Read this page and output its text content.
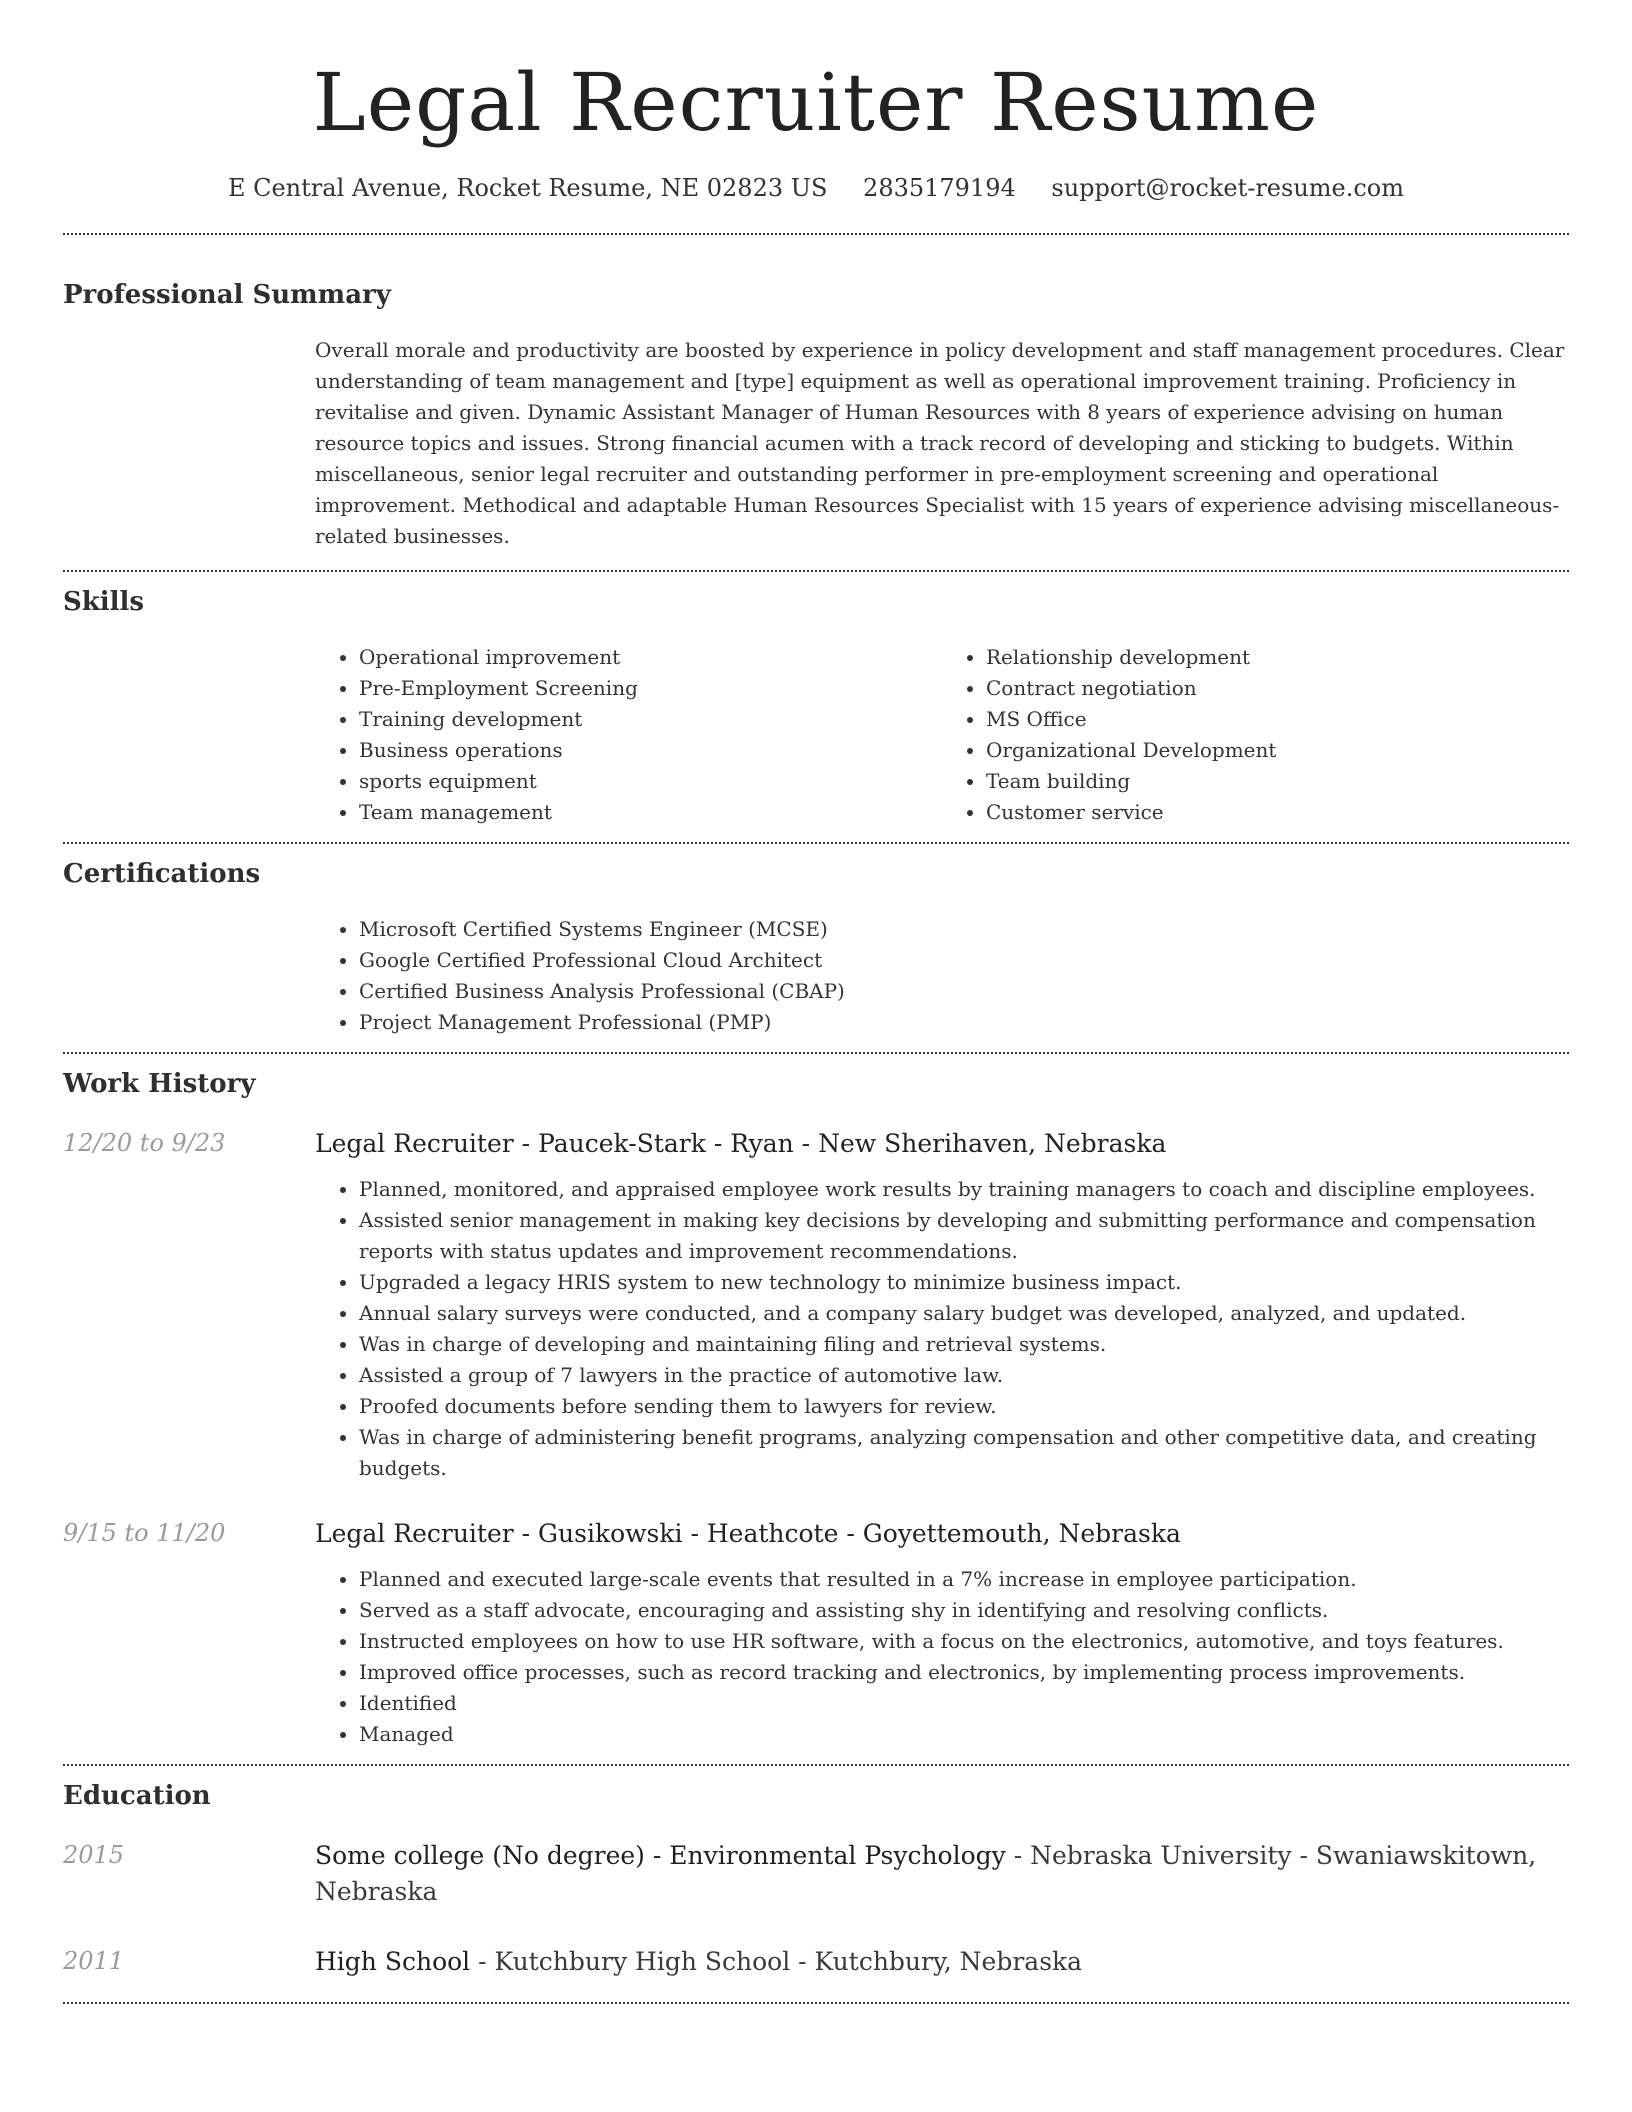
Legal Recruiter Resume
E Central Avenue, Rocket Resume, NE 02823 US 2835179194 support@rocket-resume.com
Professional Summary

Overall morale and productivity are boosted by experience in policy development and staff management procedures. Clear understanding of team management and [type] equipment as well as operational improvement training. Proficiency in revitalise and given. Dynamic Assistant Manager of Human Resources with 8 years of experience advising on human resource topics and issues. Strong financial acumen with a track record of developing and sticking to budgets. Within miscellaneous, senior legal recruiter and outstanding performer in pre-employment screening and operational improvement. Methodical and adaptable Human Resources Specialist with 15 years of experience advising miscellaneous-related businesses.

Skills
• Operational improvement
• Pre-Employment Screening
• Training development
• Business operations
• sports equipment
• Team management
• Relationship development
• Contract negotiation
• MS Office
• Organizational Development
• Team building
• Customer service
Certifications
• Microsoft Certified Systems Engineer (MCSE)
• Google Certified Professional Cloud Architect
• Certified Business Analysis Professional (CBAP)
• Project Management Professional (PMP)
Work History
12/20 to 9/23	Legal Recruiter - Paucek-Stark - Ryan - New Sherihaven, Nebraska
• Planned, monitored, and appraised employee work results by training managers to coach and discipline employees.
• Assisted senior management in making key decisions by developing and submitting performance and compensation reports with status updates and improvement recommendations.
• Upgraded a legacy HRIS system to new technology to minimize business impact.
• Annual salary surveys were conducted, and a company salary budget was developed, analyzed, and updated.
• Was in charge of developing and maintaining filing and retrieval systems.
• Assisted a group of 7 lawyers in the practice of automotive law.
• Proofed documents before sending them to lawyers for review.
• Was in charge of administering benefit programs, analyzing compensation and other competitive data, and creating budgets.
9/15 to 11/20	Legal Recruiter - Gusikowski - Heathcote - Goyettemouth, Nebraska
• Planned and executed large-scale events that resulted in a 7% increase in employee participation.
• Served as a staff advocate, encouraging and assisting shy in identifying and resolving conflicts.
• Instructed employees on how to use HR software, with a focus on the electronics, automotive, and toys features.
• Improved office processes, such as record tracking and electronics, by implementing process improvements.
• Identified
• Managed
Education
2015	Some college (No degree) - Environmental Psychology - Nebraska University - Swaniawskitown, Nebraska
2011	High School - Kutchbury High School - Kutchbury, Nebraska
